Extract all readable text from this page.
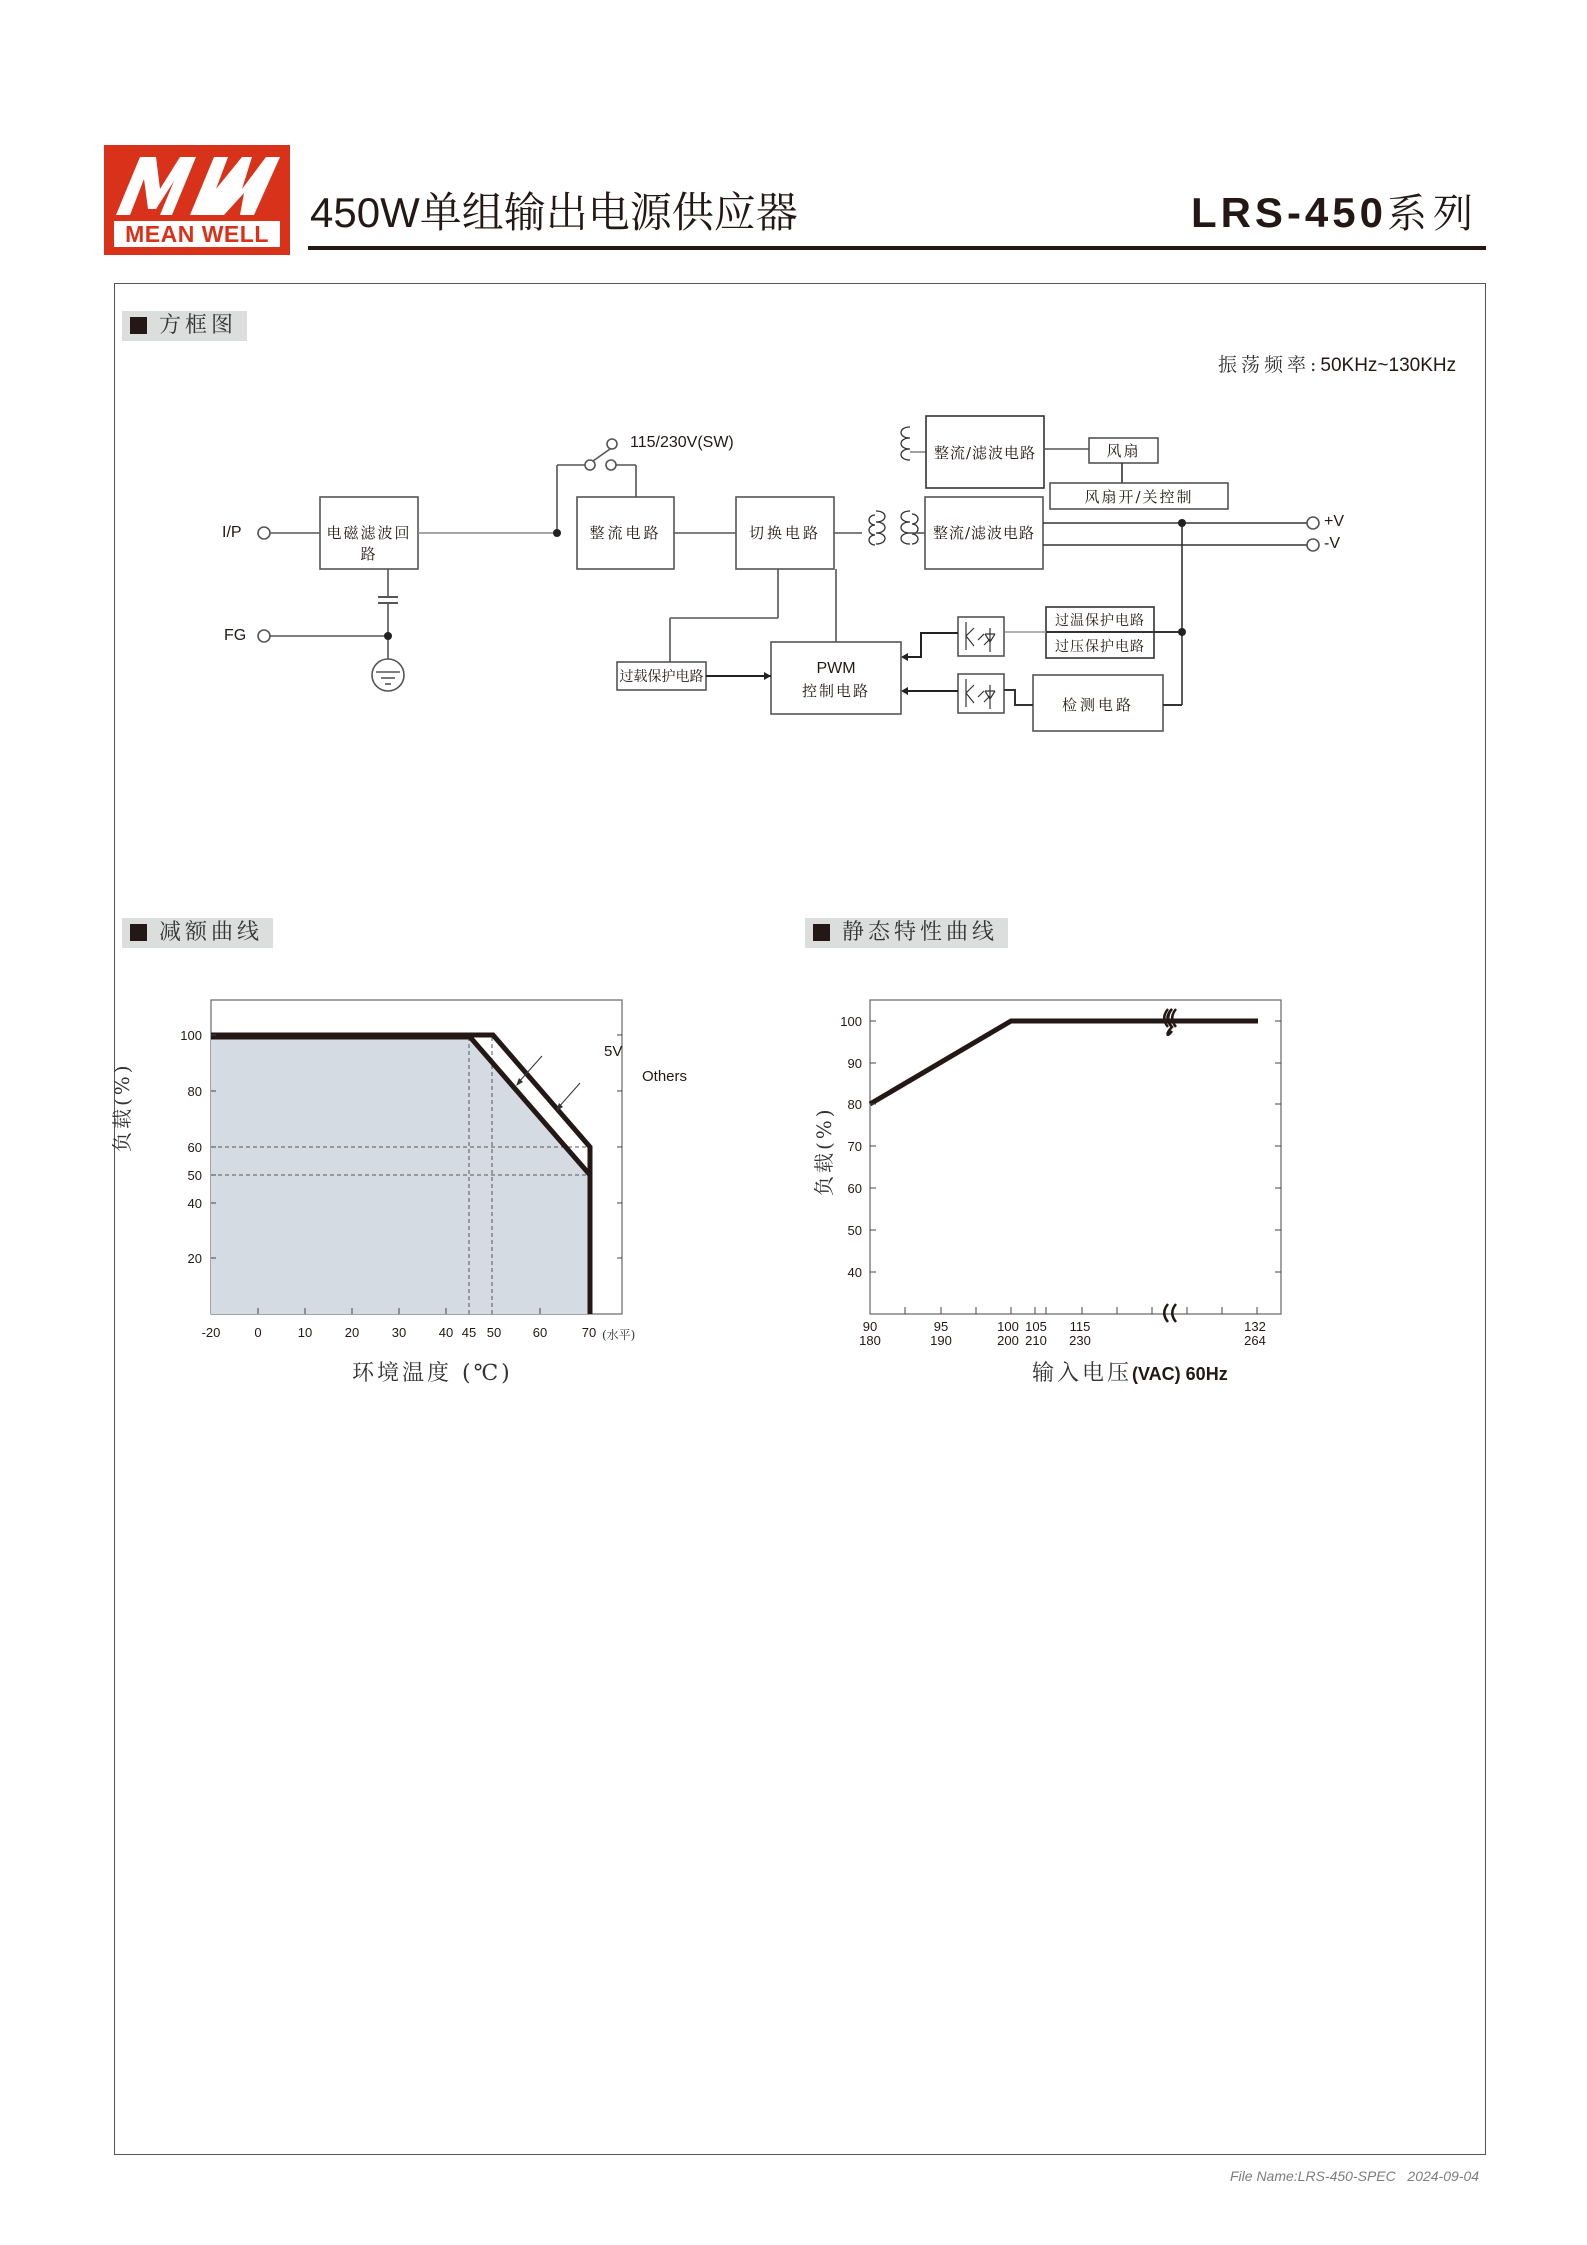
MEAN WELL 450W单组输出电源供应器	LRS-450系列
方框图
振荡频率:50KHz~130KHz
I/P
FG
+V
-V
115/230V(SW)
电磁滤波回路
整流电路	切换电路
整流/滤波电路
整流/滤波电路
风扇
风扇开/关控制
过载保护电路	PWM
控制电路
过温保护电路
过压保护电路
检测电路
减额曲线
100
80
60
50
40
20
-20	0	10	20	30	40 45 50 60	70
5V
Others
(水平)
环境温度 (℃)
负载(%)
静态特性曲线
100
90
80
70
60
50
40
90
180
95
190
100
200
105
210
115
230
132
264
输入电压(VAC) 60Hz
负载(%)
File Name:LRS-450-SPEC 2024-09-04
